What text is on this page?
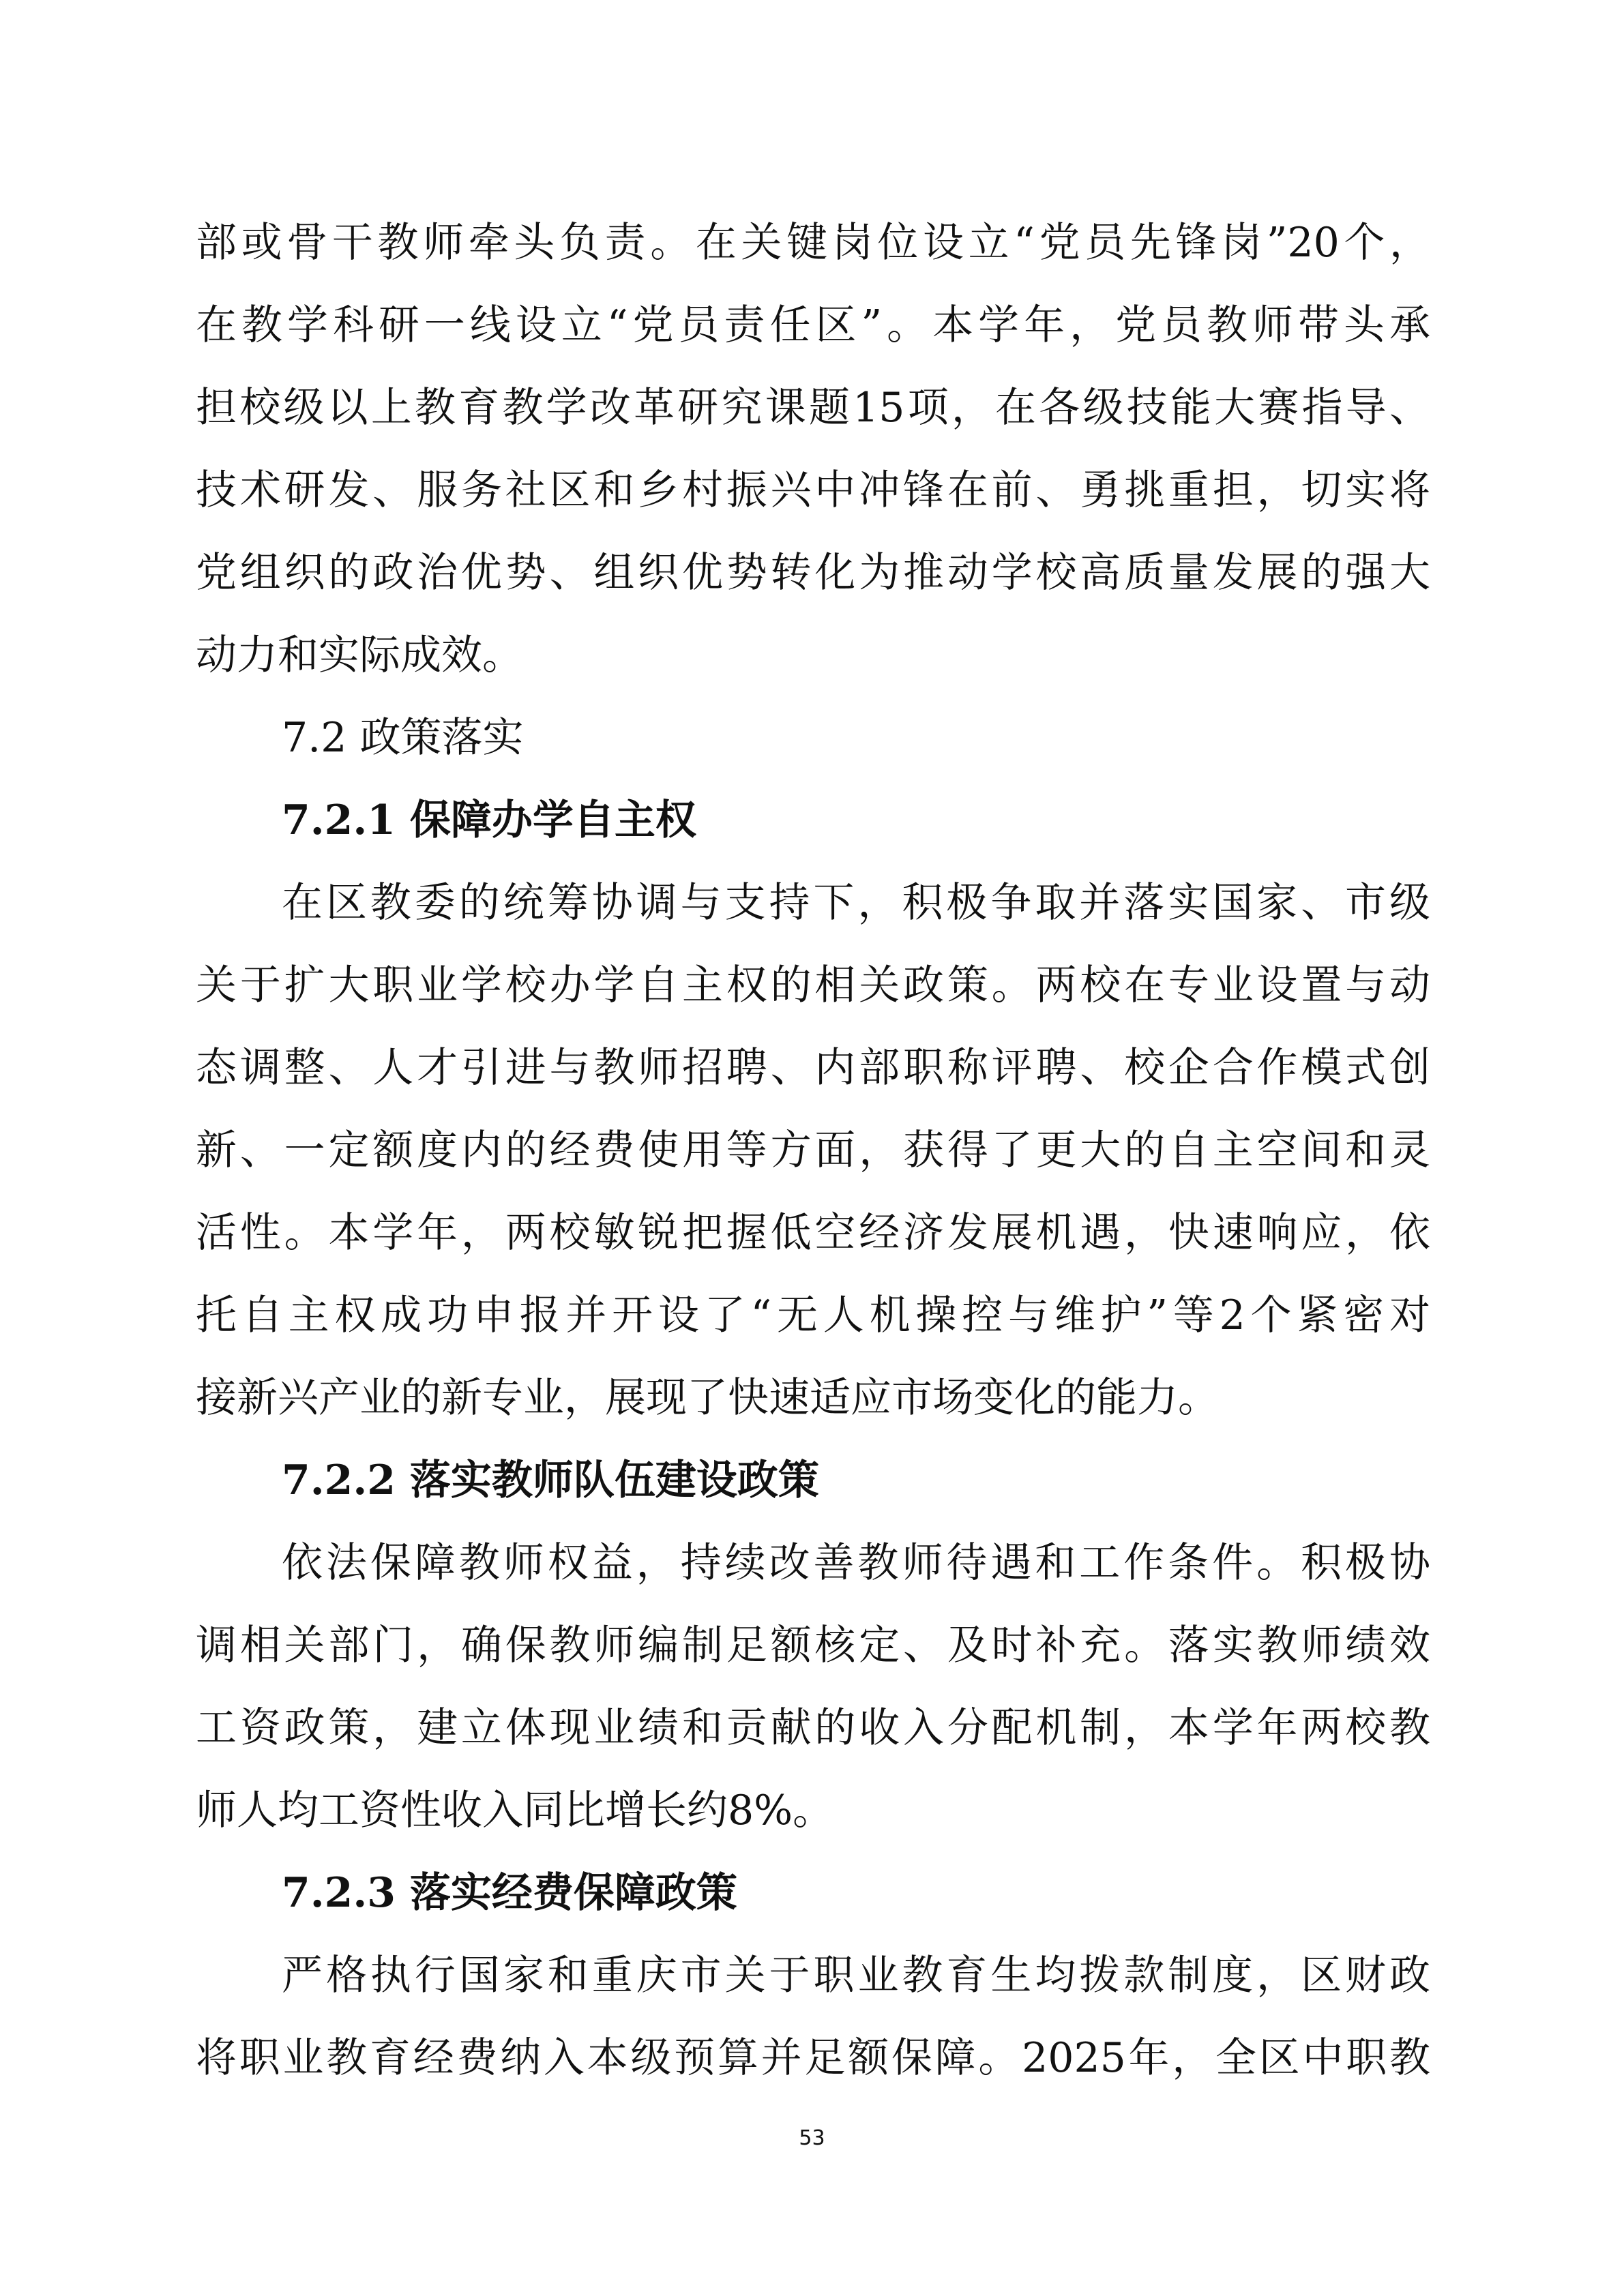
部或骨干教师牵头负责。在关键岗位设立“党员先锋岗”20个，
在教学科研一线设立“党员责任区”。本学年，党员教师带头承
担校级以上教育教学改革研究课题15项，在各级技能大赛指导、
技术研发、服务社区和乡村振兴中冲锋在前、勇挑重担，切实将
党组织的政治优势、组织优势转化为推动学校高质量发展的强大
动力和实际成效。
7.2 政策落实
7.2.1 保障办学自主权
在区教委的统筹协调与支持下，积极争取并落实国家、市级
关于扩大职业学校办学自主权的相关政策。两校在专业设置与动
态调整、人才引进与教师招聘、内部职称评聘、校企合作模式创
新、一定额度内的经费使用等方面，获得了更大的自主空间和灵
活性。本学年，两校敏锐把握低空经济发展机遇，快速响应，依
托自主权成功申报并开设了“无人机操控与维护”等2个紧密对
接新兴产业的新专业，展现了快速适应市场变化的能力。
7.2.2 落实教师队伍建设政策
依法保障教师权益，持续改善教师待遇和工作条件。积极协
调相关部门，确保教师编制足额核定、及时补充。落实教师绩效
工资政策，建立体现业绩和贡献的收入分配机制，本学年两校教
师人均工资性收入同比增长约8%。
7.2.3 落实经费保障政策
严格执行国家和重庆市关于职业教育生均拨款制度，区财政
将职业教育经费纳入本级预算并足额保障。2025年，全区中职教
53
